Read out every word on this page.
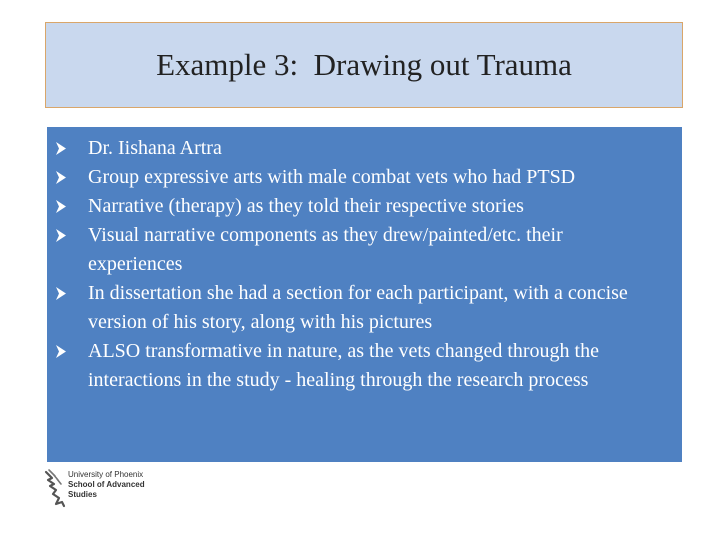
Example 3:  Drawing out Trauma
Dr. Iishana Artra
Group expressive arts with male combat vets who had PTSD
Narrative (therapy) as they told their respective stories
Visual narrative components as they drew/painted/etc. their experiences
In dissertation she had a section for each participant, with a concise version of his story, along with his pictures
ALSO transformative in nature, as the vets changed through the interactions in the study - healing through the research process
University of Phoenix
School of Advanced
Studies
